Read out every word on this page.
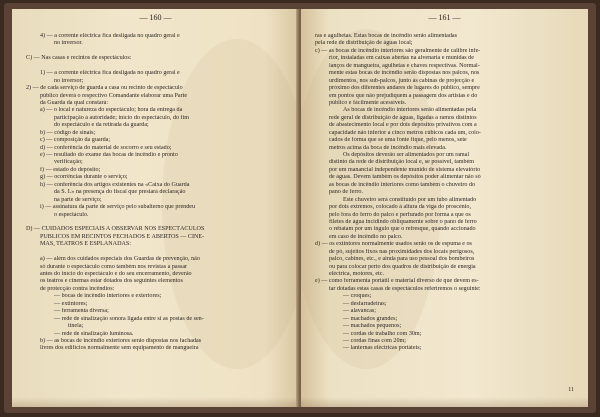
— 160 —
4) — a corrente eléctrica fica desligada no quadro geral e
no inversor.
C) — Nas casas e recintos de espectáculos:
1) — a corrente eléctrica fica desligada no quadro geral e
no inversor;
2) — de cada serviço de guarda a casa ou recinto de espectáculo
público deverá o respectivo Comandante elaborar uma Parte
da Guarda da qual constará:
a) — o local e natureza do espectáculo; hora da entrega da
participação à autoridade; início do espectáculo, do fim
do espectáculo e da retirada da guarda;
b) — código de sinais;
c) — composição da guarda;
d) — conferência do material de socorro e seu estado;
e) — resultado do exame das bocas de incêndio e pronto
verificação;
f) — estado do depósito;
g) — ocorrências durante o serviço;
h) — conferência dos artigos existentes na «Caixa do Guarda
da S. I.» na presença do fiscal que prestará declaração
na parte de serviço;
i) — assinatura da parte de serviço pelo subalterno que prendeu
o espectáculo.
D) — CUIDADOS ESPECIAIS A OBSERVAR NOS ESPECTÁCULOS
PÚBLICOS EM RECINTOS FECHADOS E ABERTOS — CINE-
MAS, TEATROS E ESPLANADAS:
a) — além dos cuidados especiais dos Guardas de prevenção, não
só durante o espectáculo como também nos revistas a passar
antes do início do espectáculo e do seu encerramento, deverão
os teatros e cinemas estar dotados dos seguintes elementos
de protecção contra incêndios:
— bocas de incêndio interiores e exteriores;
— extintores;
— ferramenta diversa;
— rede de sinalização sonora ligada entre si as postas de sen-
tinela;
— rede de sinalização luminosa.
b) — as bocas de incêndio exteriores serão dispostas nos fachadas
livres dos edifícios normalmente sem equipamento de mangueira
— 161 —
ras e agulhetas. Estas bocas de incêndio serão alimentadas
pela rede de distribuição de águas local;
c) — as bocas de incêndio interiores são geralmente de calibre infe-
rior, instaladas em caixas abertas na alvenaria e munidas de
lanços de mangueira, agulhetas e chaves respectivas. Normal-
mente estas bocas de incêndio serão dispostas nos palcos, nos
urdimentos, nos sub-palcos, junto às cabinas de projecção e
próximo dos diferentes andares de lugares do público, sempre
em pontos que não prejudiquem a passagem dos artistas e do
público e fàcilmente acessíveis.
As bocas de incêndio interiores serão alimentadas pela
rede geral de distribuição de águas, ligadas a ramos distintos
de abastecimento local e por dois depósitos privativos com a
capacidade não inferior a cinco metros cúbicos cada um, colo-
cados de forma que se uma fonte fique, pelo menos, sete
metros acima da boca de incêndio mais elevada.
Os depósitos deverão ser alimentados por um ramal
distinto da rede de distribuição local e, se possível, também
por um manancial independente munido de sistema elevatório
de águas. Devem também os depósitos poder alimentar não só
as bocas de incêndio interiores como também o chuveiro do
pano de ferro.
Este chuveiro será constituído por um tubo alimentado
por dois extremos, colocado à altura da viga do proscénio,
pelo fora do ferro do palco e perfurado por forma a que os
filetes de água incidindo obliquamente sobre o pano de ferro
o rebatam por um ingulo que o refresque, quando accionado
em caso de incêndio no palco.
d) — os extintores normalmente usados serão os de espuma e os
de pó, sujeitos fixos nas proximidades dos locais perigosos,
palco, cabines, etc., e ainda para uso pessoal dos bombeiros
ou para colocar perto dos quadros de distribuição de energia
eléctrica, motores, etc.
e) — como ferramenta portátil e material diverso de que devem es-
tar dotadas estas casas de espectáculos referiremos o seguinte:
— croques;
— desfarradeiras;
— alavancas;
— machados grandes;
— machados pequenos;
— cordas de trabalho com 30m;
— cordas finas com 20m;
— lanternas eléctricas portáteis;
11
